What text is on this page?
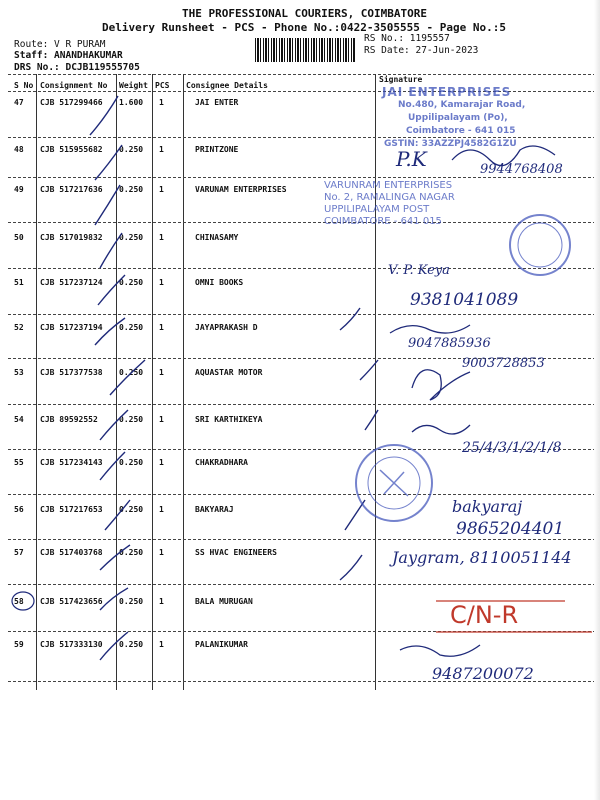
THE PROFESSIONAL COURIERS, COIMBATORE
Delivery Runsheet - PCS - Phone No.:0422-3505555 - Page No.:5
Route: V R PURAM
Staff: ANANDHAKUMAR
DRS No.: DCJB119555705
RS No.: 1195557
RS Date: 27-Jun-2023
S No Consignment No Weight PCS Consignee Details
Signature
47 CJB 517299466 1.600 1	JAI ENTER
48 CJB 515955682 0.250 1	PRINTZONE
49 CJB 517217636 0.250 1	VARUNAM ENTERPRISES
50 CJB 517019832 0.250 1	CHINASAMY
51 CJB 517237124 0.250 1	OMNI BOOKS
52 CJB 517237194 0.250 1	JAYAPRAKASH D
53 CJB 517377538 0.250 1	AQUASTAR MOTOR
54 CJB 89592552	0.250 1	SRI KARTHIKEYA
55 CJB 517234143 0.250 1	CHAKRADHARA
56 CJB 517217653 0.250 1	BAKYARAJ
57 CJB 517403768 0.250 1	SS HVAC ENGINEERS
58 CJB 517423656 0.250 1	BALA MURUGAN
59 CJB 517333130 0.250 1	PALANIKUMAR
JAI ENTERPRISES
No.480, Kamarajar Road,
Uppilipalayam (Po),
Coimbatore - 641 015
GSTIN: 33AZZPJ4582G1ZU
VARUNRAM ENTERPRISES
No. 2, RAMALINGA NAGAR
UPPILIPALAYAM POST
COIMBATORE - 641 015
P.K	9944768408
V. P. Keya
9381041089
9047885936
9003728853
25/4/3/1/2/1/8
bakyaraj
9865204401
Jaygram, 8110051144
C/N-R
9487200072
